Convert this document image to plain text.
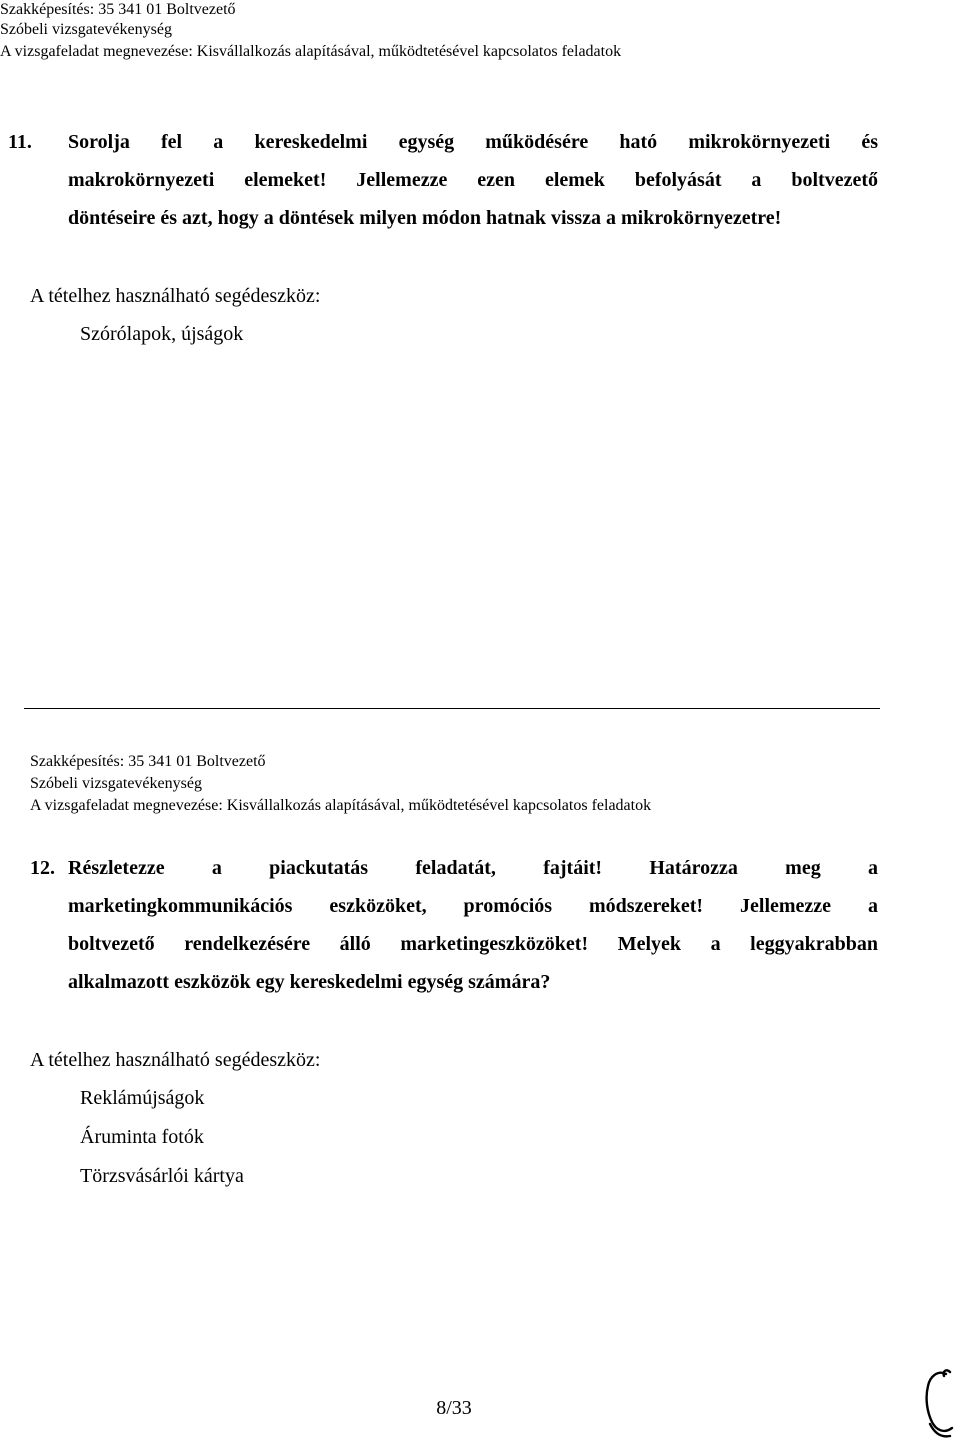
Szakképesítés: 35 341 01 Boltvezető
Szóbeli vizsgatevékenység
A vizsgafeladat megnevezése: Kisvállalkozás alapításával, működtetésével kapcsolatos feladatok
11. Sorolja fel a kereskedelmi egység működésére ható mikrokörnyezeti és
makrokörnyezeti elemeket! Jellemezze ezen elemek befolyását a boltvezető
döntéseire és azt, hogy a döntések milyen módon hatnak vissza a mikrokörnyezetre!
A tételhez használható segédeszköz:
Szórólapok, újságok
Szakképesítés: 35 341 01 Boltvezető
Szóbeli vizsgatevékenység
A vizsgafeladat megnevezése: Kisvállalkozás alapításával, működtetésével kapcsolatos feladatok
12. Részletezze a piackutatás feladatát, fajtáit! Határozza meg a
marketingkommunikációs eszközöket, promóciós módszereket! Jellemezze a
boltvezető rendelkezésére álló marketingeszközöket! Melyek a leggyakrabban
alkalmazott eszközök egy kereskedelmi egység számára?
A tételhez használható segédeszköz:
Reklámújságok
Áruminta fotók
Törzsvásárlói kártya
8/33
